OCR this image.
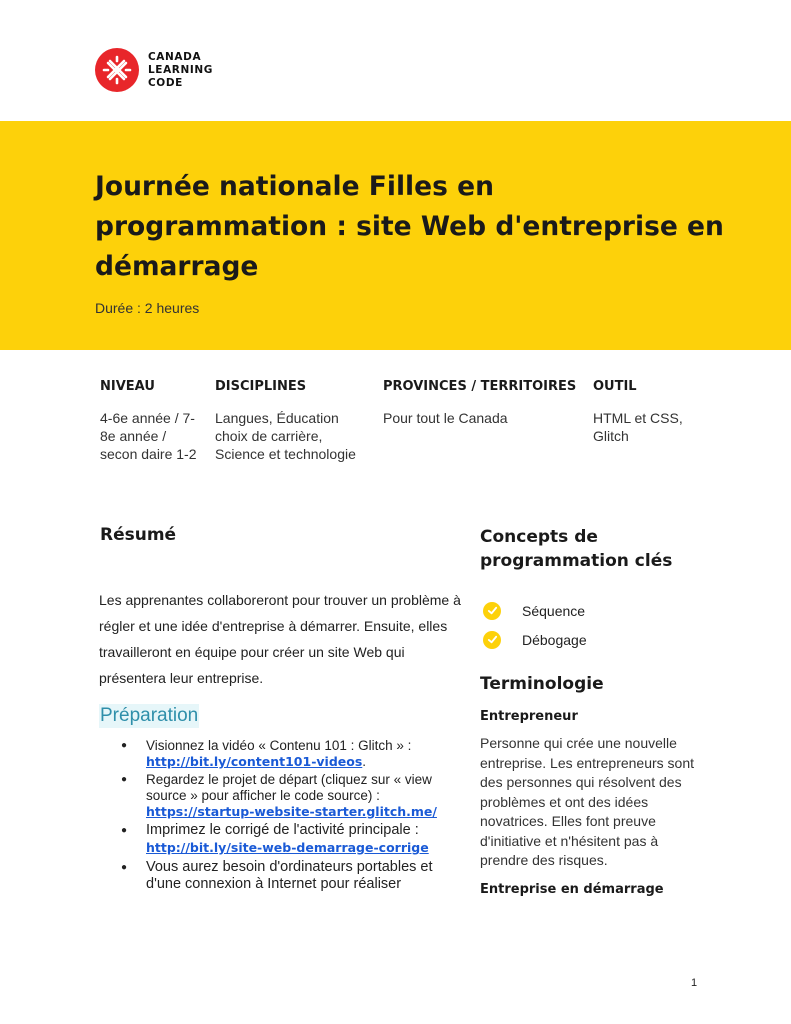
CANADA
LEARNING
CODE
Journée nationale Filles en programmation : site Web d'entreprise en démarrage
Durée : 2 heures
NIVEAU
4-6e année / 7-8e année / secon daire 1-2
DISCIPLINES
Langues, Éducation choix de carrière, Science et technologie
PROVINCES / TERRITOIRES
Pour tout le Canada
OUTIL
HTML et CSS, Glitch
Résumé
Les apprenantes collaboreront pour trouver un problème à régler et une idée d'entreprise à démarrer. Ensuite, elles travailleront en équipe pour créer un site Web qui présentera leur entreprise.
Préparation
● Visionnez la vidéo « Contenu 101 : Glitch » :
http://bit.ly/content101-videos.
● Regardez le projet de départ (cliquez sur « view source » pour afficher le code source) :
https://startup-website-starter.glitch.me/
● Imprimez le corrigé de l'activité principale :
http://bit.ly/site-web-demarrage-corrige
● Vous aurez besoin d'ordinateurs portables et d'une connexion à Internet pour réaliser
Concepts de programmation clés
Séquence
Débogage
Terminologie
Entrepreneur
Personne qui crée une nouvelle entreprise. Les entrepreneurs sont des personnes qui résolvent des problèmes et ont des idées novatrices. Elles font preuve d'initiative et n'hésitent pas à prendre des risques.
Entreprise en démarrage
1
